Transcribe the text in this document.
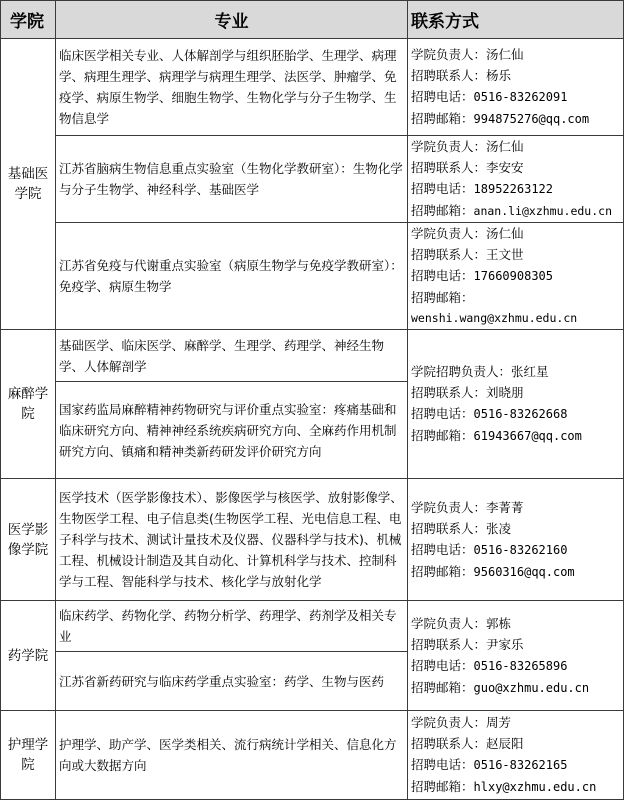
学院	专业	联系方式
基础医学院	临床医学相关专业、人体解剖学与组织胚胎学、生理学、病理学、病理生理学、病理学与病理生理学、法医学、肿瘤学、免疫学、病原生物学、细胞生物学、生物化学与分子生物学、生物信息学	学院负责人：汤仁仙
招聘联系人：杨乐
招聘电话：0516-83262091
招聘邮箱：994875276@qq.com

	江苏省脑病生物信息重点实验室（生物化学教研室）：生物化学与分子生物学、神经科学、基础医学	学院负责人：汤仁仙
招聘联系人：李安安
招聘电话：18952263122
招聘邮箱：anan.li@xzhmu.edu.cn

	江苏省免疫与代谢重点实验室（病原生物学与免疫学教研室）：免疫学、病原生物学	学院负责人：汤仁仙
招聘联系人：王文世
招聘电话：17660908305
招聘邮箱：
wenshi.wang@xzhmu.edu.cn

麻醉学院	基础医学、临床医学、麻醉学、生理学、药理学、神经生物学、人体解剖学	学院招聘负责人：张红星
招聘联系人：刘晓朋
招聘电话：0516-83262668
招聘邮箱：61943667@qq.com

	国家药监局麻醉精神药物研究与评价重点实验室：疼痛基础和临床研究方向、精神神经系统疾病研究方向、全麻药作用机制研究方向、镇痛和精神类新药研发评价研究方向	
医学影像学院	医学技术（医学影像技术）、影像医学与核医学、放射影像学、生物医学工程、电子信息类(生物医学工程、光电信息工程、电子科学与技术、测试计量技术及仪器、仪器科学与技术)、机械工程、机械设计制造及其自动化、计算机科学与技术、控制科学与工程、智能科学与技术、核化学与放射化学	学院负责人：李菁菁
招聘联系人：张凌
招聘电话：0516-83262160
招聘邮箱：9560316@qq.com

药学院	临床药学、药物化学、药物分析学、药理学、药剂学及相关专业	学院负责人：郭栋
招聘联系人：尹家乐
招聘电话：0516-83265896
招聘邮箱：guo@xzhmu.edu.cn

	江苏省新药研究与临床药学重点实验室：药学、生物与医药	
护理学院	护理学、助产学、医学类相关、流行病统计学相关、信息化方向或大数据方向	学院负责人：周芳
招聘联系人：赵辰阳
招聘电话：0516-83262165
招聘邮箱：hlxy@xzhmu.edu.cn
